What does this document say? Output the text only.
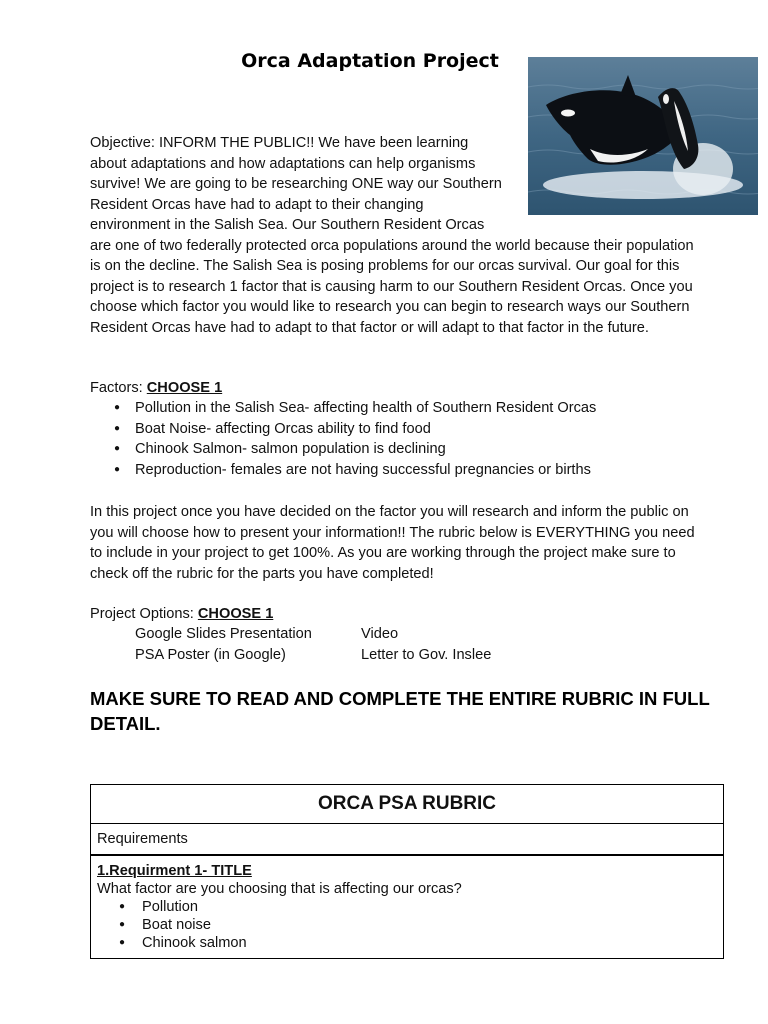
Orca Adaptation Project
Objective: INFORM THE PUBLIC!! We have been learning
about adaptations and how adaptations can help organisms
survive! We are going to be researching ONE way our Southern
Resident Orcas have had to adapt to their changing
environment in the Salish Sea. Our Southern Resident Orcas
are one of two federally protected orca populations around the world because their population
is on the decline. The Salish Sea is posing problems for our orcas survival. Our goal for this
project is to research 1 factor that is causing harm to our Southern Resident Orcas. Once you
choose which factor you would like to research you can begin to research ways our Southern
Resident Orcas have had to adapt to that factor or will adapt to that factor in the future.
Factors: CHOOSE 1
● Pollution in the Salish Sea- affecting health of Southern Resident Orcas
● Boat Noise- affecting Orcas ability to find food
● Chinook Salmon- salmon population is declining
● Reproduction- females are not having successful pregnancies or births
In this project once you have decided on the factor you will research and inform the public on
you will choose how to present your information!! The rubric below is EVERYTHING you need
to include in your project to get 100%. As you are working through the project make sure to
check off the rubric for the parts you have completed!
Project Options: CHOOSE 1
Google Slides Presentation	Video
PSA Poster (in Google)	Letter to Gov. Inslee
MAKE SURE TO READ AND COMPLETE THE ENTIRE RUBRIC IN FULL DETAIL.
ORCA PSA RUBRIC
Requirements
1.Requirment 1- TITLE
What factor are you choosing that is affecting our orcas?
● Pollution
● Boat noise
● Chinook salmon
